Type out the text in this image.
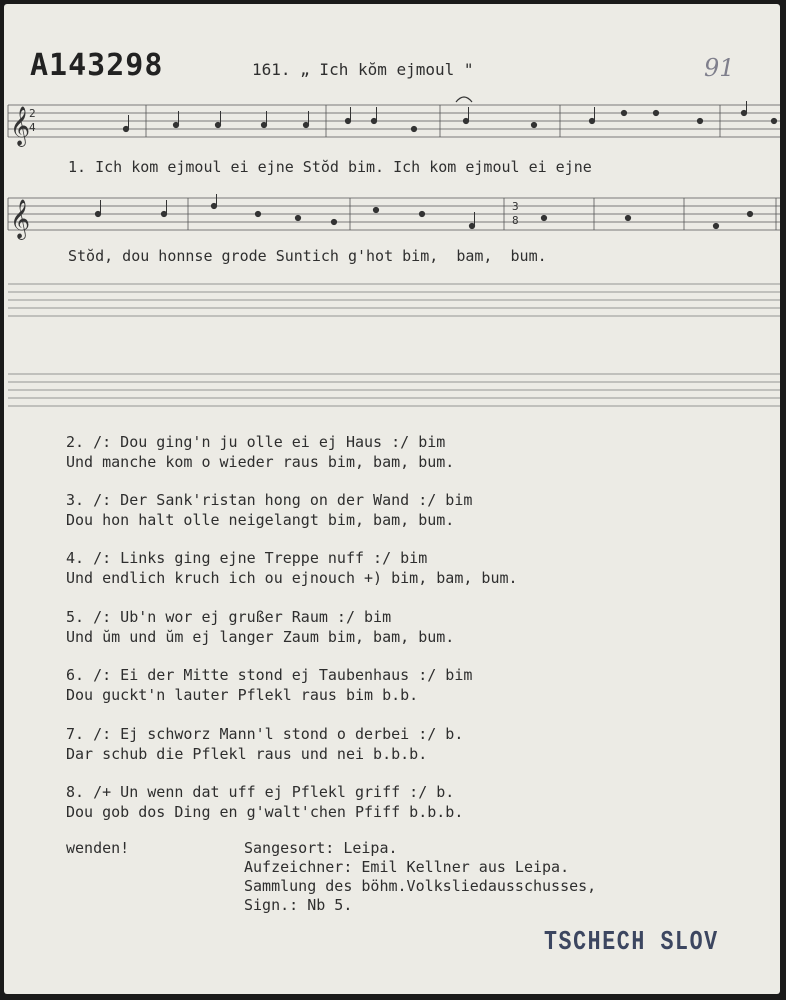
A143298	161. „ Ich kŏm ejmoul "	91
𝄞
2
4
𝄞	3
8
1. Ich kom ejmoul ei ejne Stŏd bim. Ich kom ejmoul ei ejne
Stŏd, dou honnse grode Suntich g'hot bim,  bam,  bum.
2. /: Dou ging'n ju olle ei ej Haus :/ bim
Und manche kom o wieder raus bim, bam, bum.
3. /: Der Sank'ristan hong on der Wand :/ bim
Dou hon halt olle neigelangt bim, bam, bum.
4. /: Links ging ejne Treppe nuff :/ bim
Und endlich kruch ich ou ejnouch +) bim, bam, bum.
5. /: Ub'n wor ej grußer Raum :/ bim
Und ŭm und ŭm ej langer Zaum bim, bam, bum.
6. /: Ei der Mitte stond ej Taubenhaus :/ bim
Dou guckt'n lauter Pflekl raus bim b.b.
7. /: Ej schworz Mann'l stond o derbei :/ b.
Dar schub die Pflekl raus und nei b.b.b.
8. /+ Un wenn dat uff ej Pflekl griff :/ b.
Dou gob dos Ding en g'walt'chen Pfiff b.b.b.
wenden!	Sangesort: Leipa.
Aufzeichner: Emil Kellner aus Leipa.
Sammlung des böhm.Volksliedausschusses,
Sign.: Nb 5.
TSCHECH SLOV
